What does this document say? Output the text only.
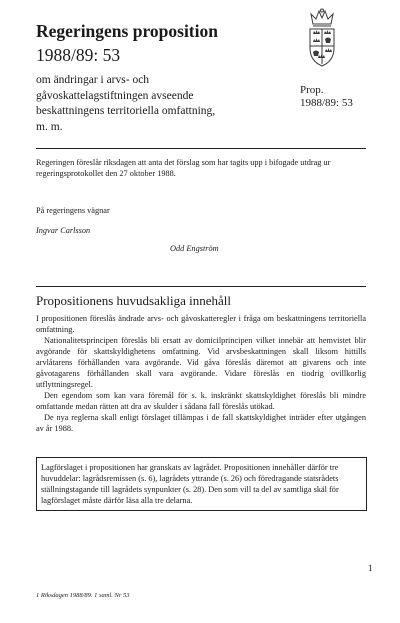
Regeringens proposition
1988/89: 53
om ändringar i arvs- och
gåvoskattelagstiftningen avseende
beskattningens territoriella omfattning,
m. m.
Prop.
1988/89: 53

Regeringen föreslår riksdagen att anta det förslag som har tagits upp i bifogade utdrag ur regeringsprotokollet den 27 oktober 1988.

På regeringens vägnar
Ingvar Carlsson
Odd Engström
Propositionens huvudsakliga innehåll

I propositionen föreslås ändrade arvs- och gåvoskatteregler i fråga om beskattningens territoriella omfattning.

Nationalitetsprincipen föreslås bli ersatt av domicilprincipen vilket innebär att hemvistet blir avgörande för skattskyldighetens omfattning. Vid arvsbeskattningen skall liksom hittills arvlåtarens förhållanden vara avgörande. Vid gåva föreslås däremot att givarens och inte gåvotagarens förhållanden skall vara avgörande. Vidare föreslås en tiodrig ovillkorlig utflyttningsregel.

Den egendom som kan vara föremål för s. k. inskränkt skattskyldighet föreslås bli mindre omfattande medan rätten att dra av skulder i sådana fall föreslås utökad.

De nya reglerna skall enligt förslaget tillämpas i de fall skattskyldighet inträder efter utgången av år 1988.

Lagförslaget i propositionen har granskats av lagrådet. Propositionen innehåller därför tre huvuddelar: lagrådsremissen (s. 6), lagrådets yttrande (s. 26) och föredragande statsrådets ställningstagande till lagrådets synpunkter (s. 28). Den som vill ta del av samtliga skäl för lagförslaget måste därför läsa alla tre delarna.
1
1 Riksdagen 1988/89. 1 saml. Nr 53
